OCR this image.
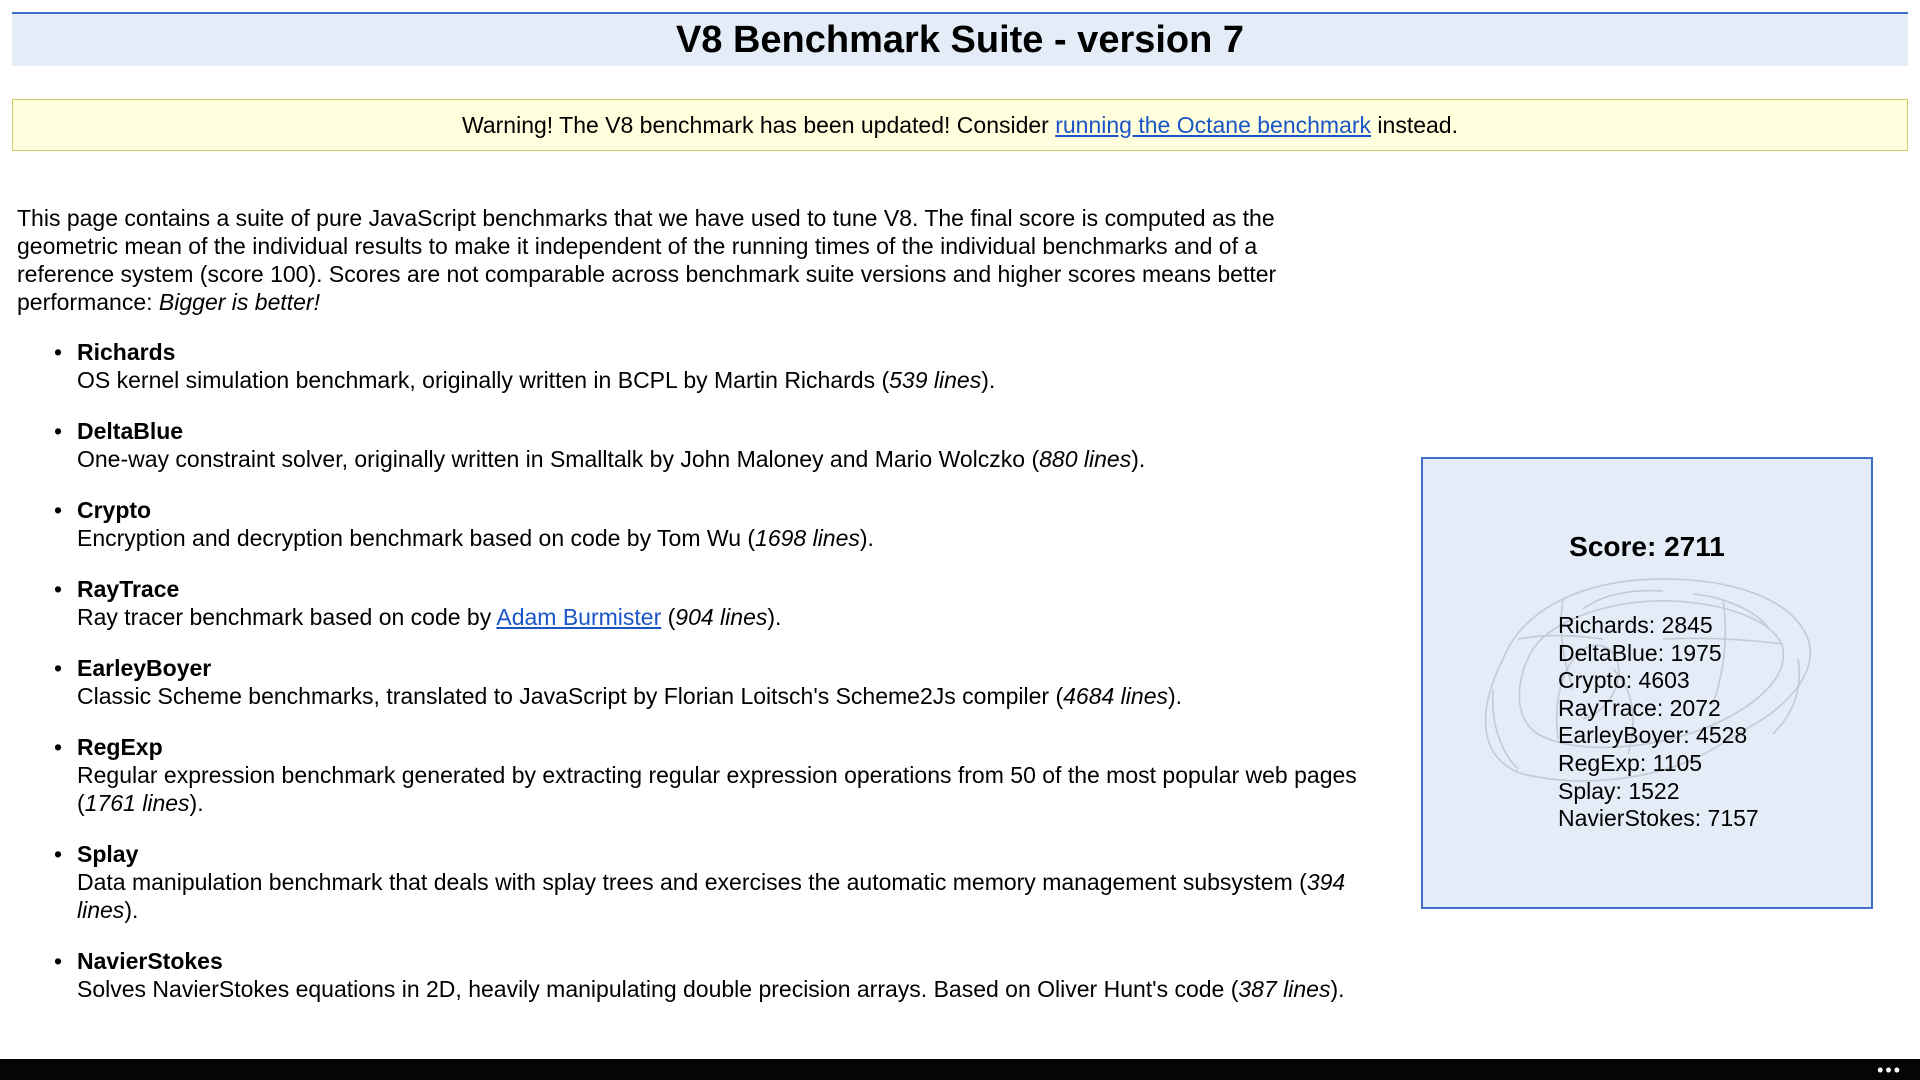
V8 Benchmark Suite - version 7
Warning! The V8 benchmark has been updated! Consider running the Octane benchmark instead.

This page contains a suite of pure JavaScript benchmarks that we have used to tune V8. The final score is computed as the geometric mean of the individual results to make it independent of the running times of the individual benchmarks and of a reference system (score 100). Scores are not comparable across benchmark suite versions and higher scores means better performance: Bigger is better!

• Richards
OS kernel simulation benchmark, originally written in BCPL by Martin Richards (539 lines).
• DeltaBlue
One-way constraint solver, originally written in Smalltalk by John Maloney and Mario Wolczko (880 lines).
• Crypto
Encryption and decryption benchmark based on code by Tom Wu (1698 lines).
• RayTrace
Ray tracer benchmark based on code by Adam Burmister (904 lines).
• EarleyBoyer
Classic Scheme benchmarks, translated to JavaScript by Florian Loitsch's Scheme2Js compiler (4684 lines).
• RegExp
Regular expression benchmark generated by extracting regular expression operations from 50 of the most popular web pages (1761 lines).
• Splay
Data manipulation benchmark that deals with splay trees and exercises the automatic memory management subsystem (394 lines).
• NavierStokes
Solves NavierStokes equations in 2D, heavily manipulating double precision arrays. Based on Oliver Hunt's code (387 lines).
Score: 2711
Richards: 2845
DeltaBlue: 1975
Crypto: 4603
RayTrace: 2072
EarleyBoyer: 4528
RegExp: 1105
Splay: 1522
NavierStokes: 7157
•••
